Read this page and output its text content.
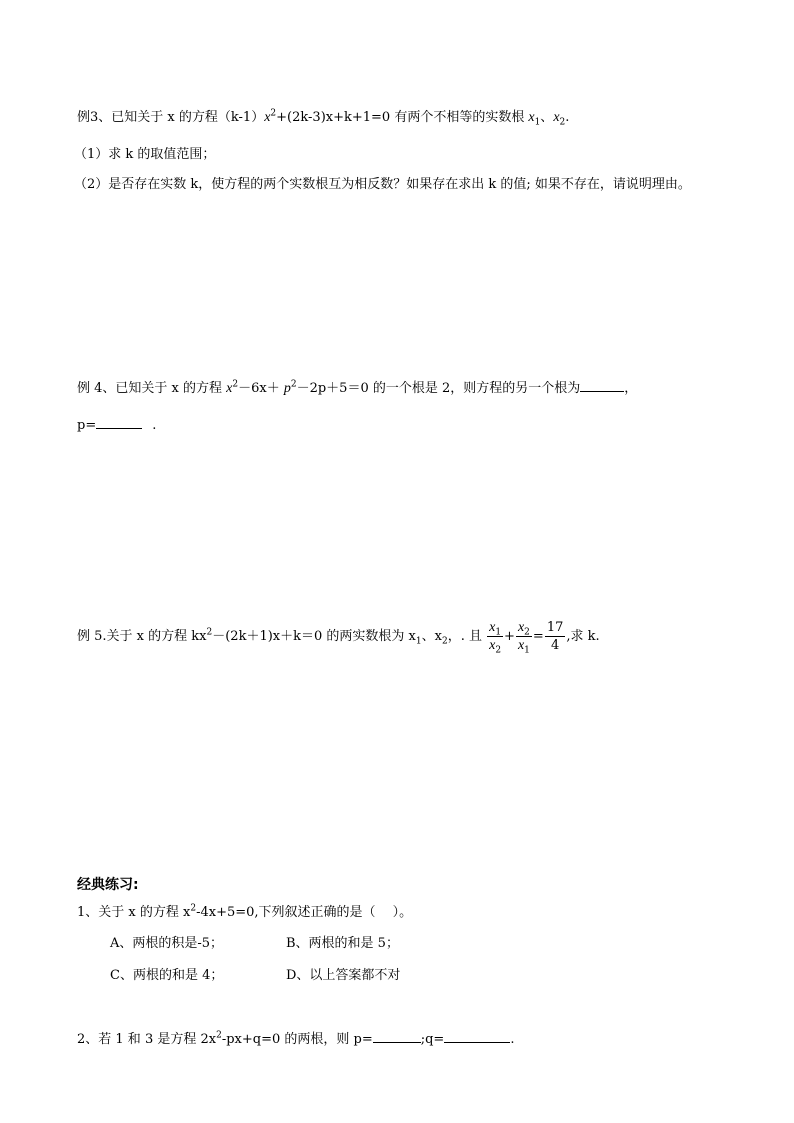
例3、已知关于 x 的方程$(k-1)x^2+(2k-3)x+k+1=0$ 有两个不相等的实数根 $x_1$、$x_2$.
（1）求 k 的取值范围；
（2）是否存在实数 k，使方程的两个实数根互为相反数？如果存在求出 k 的值; 如果不存在，请说明理由。
例 4、已知关于 x 的方程 $x^2-6x+ p^2-2p+5=0$ 的一个根是 2，则方程的另一个根为	，
p=	.
例 5.关于 x 的方程 $kx^2-(2k+1)x+k=0$ 的两实数根为 $x_1$、$x_2$，. 且 $\frac{x_1}{x_2} + \frac{x_2}{x_1} = \frac{17}{4}$ ,求 k.
经典练习:
1、关于 x 的方程 $x^2-4x+5=0$,下列叙述正确的是（　 ）。
A、两根的积是-5；	B、两根的和是 5；
C、两根的和是 4；	D、以上答案都不对
2、若 1 和 3 是方程 $2x^2-px+q=0$ 的两根，则 p=	;q=	.
